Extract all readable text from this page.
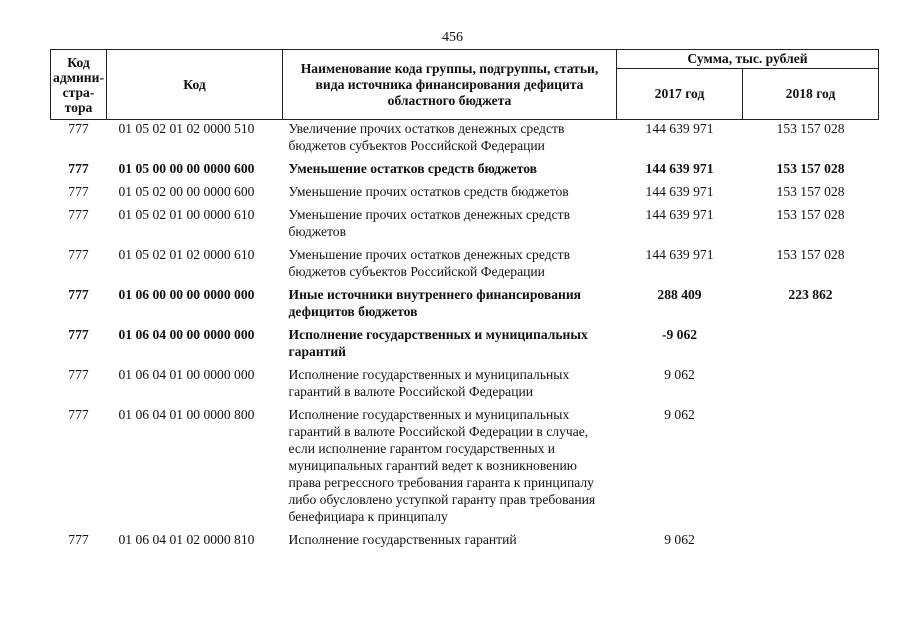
456
Код админи-стра-тора	Код	Наименование кода группы, подгруппы, статьи, вида источника финансирования дефицита областного бюджета	Сумма, тыс. рублей	
			2017 год	2018 год
777	01 05 02 01 02 0000 510	Увеличение прочих остатков денежных средств бюджетов субъектов Российской Федерации	144 639 971	153 157 028
777	01 05 00 00 00 0000 600	Уменьшение остатков средств бюджетов	144 639 971	153 157 028
777	01 05 02 00 00 0000 600	Уменьшение прочих остатков средств бюджетов	144 639 971	153 157 028
777	01 05 02 01 00 0000 610	Уменьшение прочих остатков денежных средств бюджетов	144 639 971	153 157 028
777	01 05 02 01 02 0000 610	Уменьшение прочих остатков денежных средств бюджетов субъектов Российской Федерации	144 639 971	153 157 028
777	01 06 00 00 00 0000 000	Иные источники внутреннего финансирования дефицитов бюджетов	288 409	223 862
777	01 06 04 00 00 0000 000	Исполнение государственных и муниципальных гарантий	-9 062	
777	01 06 04 01 00 0000 000	Исполнение государственных и муниципальных гарантий в валюте Российской Федерации	9 062	
777	01 06 04 01 00 0000 800	Исполнение государственных и муниципальных гарантий в валюте Российской Федерации в случае, если исполнение гарантом государственных и муниципальных гарантий ведет к возникновению права регрессного требования гаранта к принципалу либо обусловлено уступкой гаранту прав требования бенефициара к принципалу	9 062	
777	01 06 04 01 02 0000 810	Исполнение государственных гарантий	9 062	
